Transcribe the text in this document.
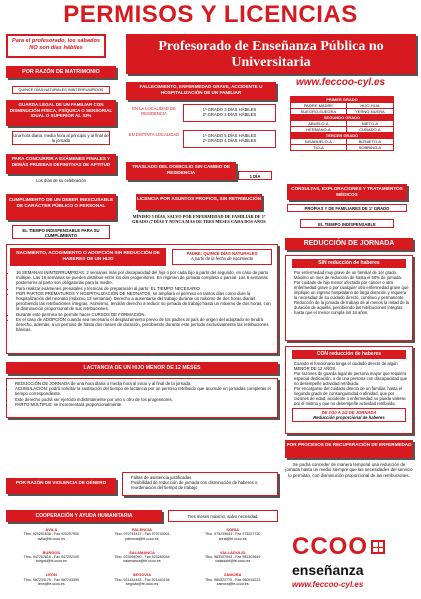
PERMISOS Y LICENCIAS
Para el profesorado, los sábados NO son días hábiles	Profesorado de Enseñanza Pública no Universitaria
www.feccoo-cyl.es
POR RAZÓN DE MATRIMONIO
QUINCE DÍAS NATURALES ININTERRUMPIDOS
FALLECIMIENTO, ENFERMEDAD GRAVE, ACCIDENTE U HOSPITALIZACIÓN DE UN FAMILIAR
EN LA LOCALIDAD DE RESIDENCIA
1º GRADO 3 DÍAS HÁBILES
2º GRADO 2 DÍAS HÁBILES
EN DISTINTA LOCALIDAD	1º GRADO 5 DÍAS HÁBILES
2º GRADO 4 DÍAS HÁBILES
PRIMER GRADO	
PADRE-MADRE	HIJO-HIJA
SUEGRO-SUEGRA	YERNO-NUERA
SEGUNDO GRADO	
ABUELO-A	NIETO-A
HERMANO-A	CUÑADO-A
TERCER GRADO	
BISABUELO-A	BIZNIETO-A
TÍO-A	SOBRINO-A
GUARDA LEGAL DE UN FAMILIAR CON DISMINUCIÓN FÍSICA, PSÍQUICA O SENSORIAL IGUAL O SUPERIOR AL 33%
Una hora diaria, media hora al principio y al final de la jornada
PARA CONCURRIR A EXÁMENES FINALES Y DEMÁS PRUEBAS DEFINITIVAS DE APTITUD
Los días de su celebración
TRASLADO DEL DOMICILIO SIN CAMBIO DE RESIDENCIA
1 DÍA
CONSULTAS, EXPLORACIONES Y TRATAMIENTOS MÉDICOS
PROPIAS Y DE FAMILIARES DE 1º GRADO
EL TIEMPO INDISPENSABLE
CUMPLIMIENTO DE UN DEBER INEXCUSABLE DE CARÁCTER PÚBLICO O PERSONAL
EL TIEMPO INDISPENSABLE PARA SU CUMPLIMIENTO
LICENCIA POR ASUNTOS PROPIOS, SIN RETRIBUCIÓN
MÍNIMO 5 DÍAS, SALVO POR ENFERMEDAD DE FAMILIAR DE 1º GRADO (7 DÍAS Y NUNCA MAS DE TRES MESES CADA DOS AÑOS
NACIMIENTO, ACOGIMIENTO O ADOPCIÓN SIN REDUCCIÓN DE HABERES DE UN HIJO
PADRE: QUINCE DÍAS NATURALES
A partir de la fecha de nacimiento
• 16 SEMANAS ININTERRUMPIDAS: 2 semanas más por discapacidad del hijo o por cada hijo a partir del segundo, en caso de parto múltiple. Las 16 semanas se pueden distribuir entre los dos progenitores. En régimen de jornada completa o parcial. Las 6 semanas posteriores al parto son obligatorias para la madre.
• Para realizar exámenes prenatales y técnicas de preparación al parto: EL TIEMPO NECESARIO
• POR PARTOS PREMATUROS Y HOSPITALIZACIÓN DE NEONATOS, se ampliará el permiso en tantos días como dure la hospitalización del neonato (máximo 13 semanas). Derecho a ausentarse del trabajo durante un máximo de dos horas diarias percibiendo las retribuciones íntegras. Asimismo, tendrán derecho a reducir su jornada de trabajo hasta un máximo de dos horas, con la disminución proporcional de sus retribuciones.
• Durante este permiso se permite hacer CURSOS DE FORMACIÓN.
• En el caso de ADOPCIÓN cuando sea necesario el desplazamiento previo de los padres al país de origen del adoptado se tendrá derecho, además, a un permiso de hasta dos meses de duración, percibiendo durante este período exclusivamente las retribuciones básicas.
LACTANCIA DE UN HIJO MENOR DE 12 MESES
• REDUCCIÓN DE JORNADA de una hora diaria o media hora al inicio y al final de la jornada.
• ACUMULACIÓN: podrá solicitar la sustitución del tiempo de lactancia por un permiso retribuido que acumule en jornadas completas el tiempo correspondiente.
• Este derecho podrá ser ejercido indistintamente por uno u otro de los progenitores.
• PARTO MÚLTIPLE: se incrementará proporcionalmente.
REDUCCIÓN DE JORNADA
SIN reducción de haberes
• Por enfermedad muy grave de un familiar de 1er grado. Máximo un mes de reducción de hasta el 50% de jornada.
• Por cuidado de hijo menor afectado por cáncer o otra enfermedad grave o por cualquier otra enfermedad grave que implique un ingreso hospitalario de larga duración y requiera la necesidad de su cuidado directo, continuo y permanente. Reducción de la jornada de trabajo de al menos la mitad de la duración de aquélla, percibiendo las retribuciones íntegras hasta que el menor cumpla los 18 años.
CON reducción de haberes
• Cuando el funcionario tenga el cuidado directo de algún MENOR DE 12 AÑOS.
• Por razones de guarda legal de persona mayor que requiera especial dedicación, o de una persona con discapacidad que no desempeñe actividad retribuida.
• Por encargarse del cuidado directo de un familiar, hasta el segundo grado de consanguinidad o afinidad, que por razones de edad, accidente o enfermedad no pueda valerse por sí mismo y que no desempeñe actividad retribuida.
DE 1/10 A 1/2 DE JORNADA
Reducción proporcional de haberes
POR RAZÓN DE VIOLENCIA DE GÉNERO
• Faltas de asistencia justificadas
• Posibilidad de reducción de jornada con disminución de haberes o reordenación del tiempo de trabajo
COOPERACIÓN Y AYUDA HUMANITARIA	Tres meses máximo, salvo necesidad.
POR PROCESOS DE RECUPERACIÓN DE ENFERMEDAD
Se podrá conceder de manera temporal una reducción de jornada hasta un medio siempre que las necesidades del servicio lo permitan, con disminución proporcional de las retribuciones.
ÁVILA
Tfno. 920251638 - Fax 920257900
avila@fe.ccoo.es
PALENCIA
Tfno. 979741417 - Fax 979743001
palencia@fe.ccoo.es
SORIA
Tfno. 975239644 - Fax 975227730
soria@fe.ccoo.es
BURGOS
Tfno. 947257816 - Fax 947202100
burgos@fe.ccoo.es
SALAMANCA
Tfno. 923264090 - Fax 923282044
salamanca@fe.ccoo.es
VALLADOLID
Tfno. 983307543 - Fax 983303649
valladolid@fe.ccoo.es
LEÓN
Tfno. 987234176 - Fax 987243390
leon@fe.ccoo.es
SEGOVIA
Tfno. 921444453 - Fax 921442154
segovia@fe.ccoo.es
ZAMORA
Tfno. 980522770 - Fax 980515223
zamora@fe.ccoo.es
CCOO
enseñanza
www.feccoo-cyl.es
